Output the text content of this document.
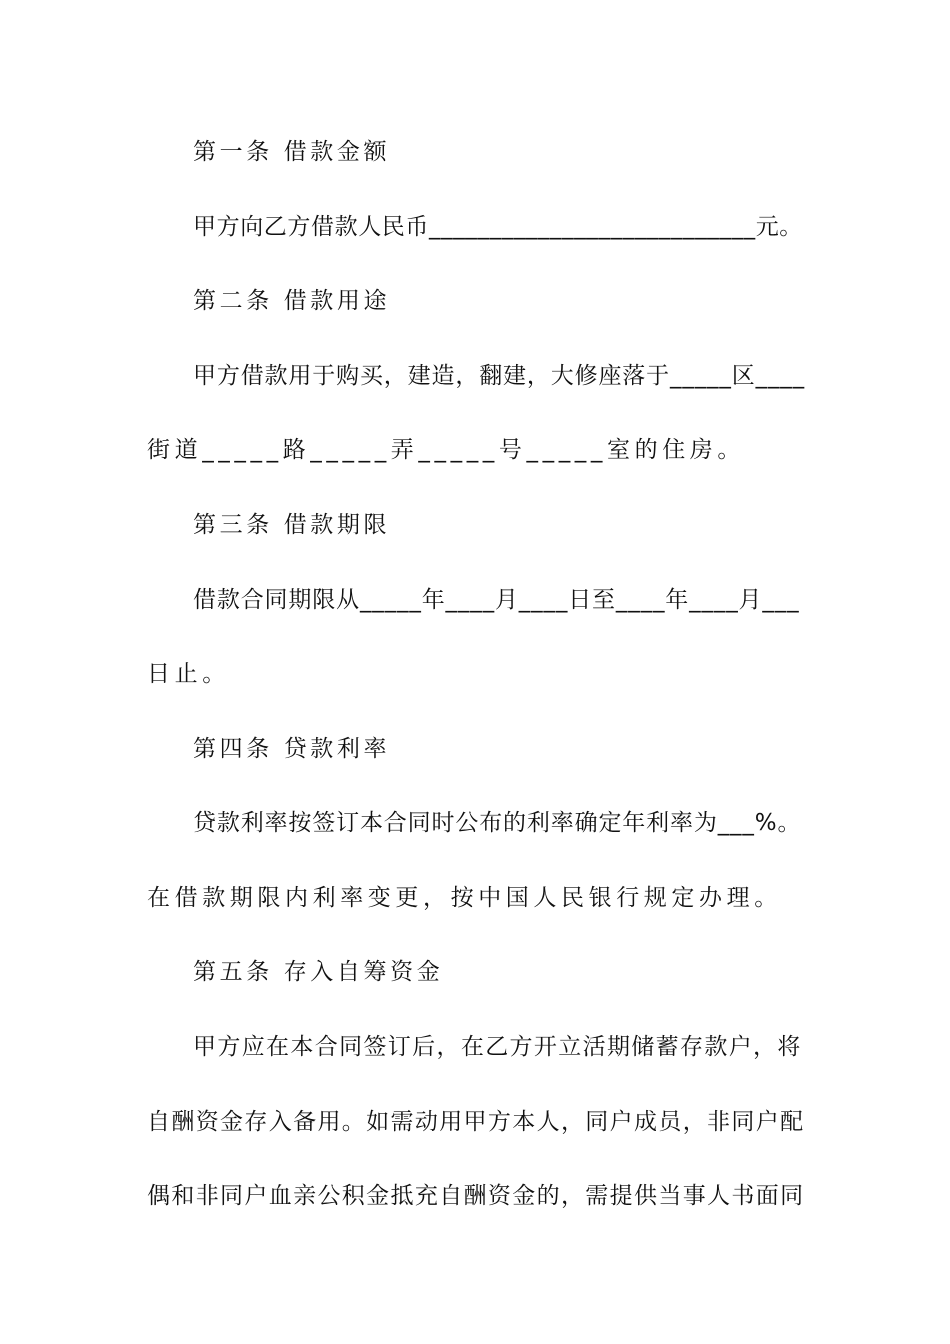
第一条 借款金额
甲方向乙方借款人民币___________________________元。
第二条 借款用途
甲方借款用于购买，建造，翻建，大修座落于_____区____
街道_____路_____弄_____号_____室的住房。
第三条 借款期限
借款合同期限从_____年____月____日至____年____月___
日止。
第四条 贷款利率
贷款利率按签订本合同时公布的利率确定年利率为___%。
在借款期限内利率变更，按中国人民银行规定办理。
第五条 存入自筹资金
甲方应在本合同签订后，在乙方开立活期储蓄存款户，将
自酬资金存入备用。如需动用甲方本人，同户成员，非同户配
偶和非同户血亲公积金抵充自酬资金的，需提供当事人书面同
